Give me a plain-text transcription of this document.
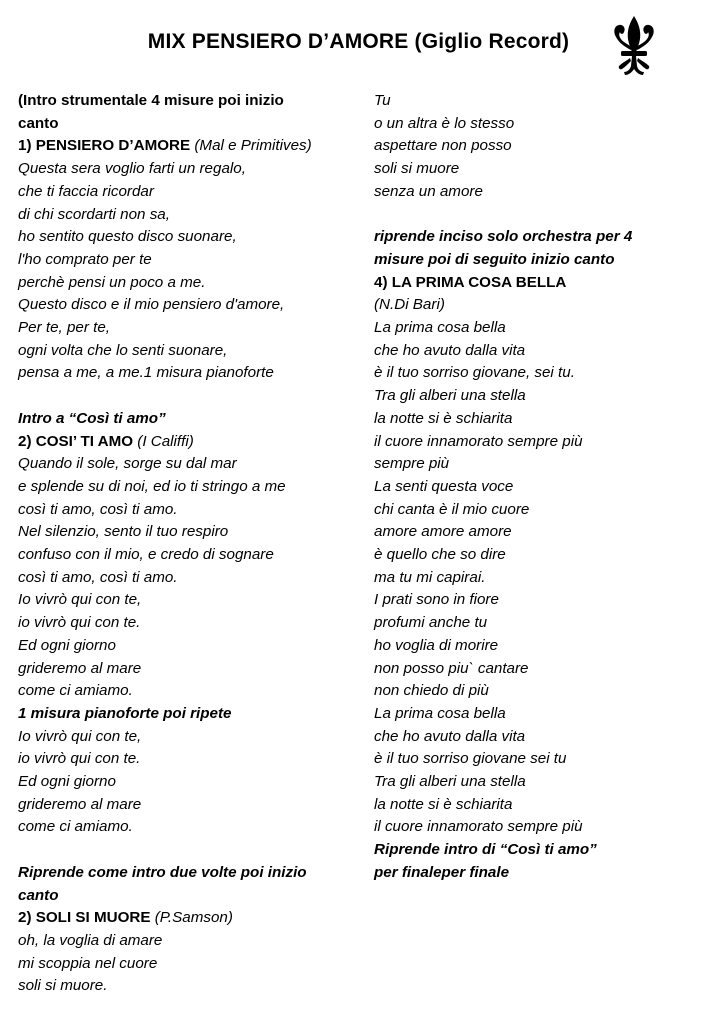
MIX PENSIERO D’AMORE (Giglio Record)
(Intro strumentale 4 misure poi inizio
canto
1) PENSIERO D’AMORE (Mal e Primitives)
Questa sera voglio farti un regalo,
che ti faccia ricordar
di chi scordarti non sa,
ho sentito questo disco suonare,
l'ho comprato per te
perchè pensi un poco a me.
Questo disco e il mio pensiero d'amore,
Per te, per te,
ogni volta che lo senti suonare,
pensa a me, a me.1 misura pianoforte
Intro a “Così ti amo”
2) COSI’ TI AMO (I Califfi)
Quando il sole, sorge su dal mar
e splende su di noi, ed io ti stringo a me
così ti amo, così ti amo.
Nel silenzio, sento il tuo respiro
confuso con il mio, e credo di sognare
così ti amo, così ti amo.
Io vivrò qui con te,
io vivrò qui con te.
Ed ogni giorno
grideremo al mare
come ci amiamo.
1 misura pianoforte poi ripete
Io vivrò qui con te,
io vivrò qui con te.
Ed ogni giorno
grideremo al mare
come ci amiamo.
Riprende come intro due volte poi inizio
canto
2) SOLI SI MUORE (P.Samson)
oh, la voglia di amare
mi scoppia nel cuore
soli si muore.
Tu
o un altra è lo stesso
aspettare non posso
soli si muore
senza un amore
riprende inciso solo orchestra per 4
misure poi di seguito inizio canto
4) LA PRIMA COSA BELLA
(N.Di Bari)
La prima cosa bella
che ho avuto dalla vita
è il tuo sorriso giovane, sei tu.
Tra gli alberi una stella
la notte si è schiarita
il cuore innamorato sempre più
sempre più
La senti questa voce
chi canta è il mio cuore
amore amore amore
è quello che so dire
ma tu mi capirai.
I prati sono in fiore
profumi anche tu
ho voglia di morire
non posso piu` cantare
non chiedo di più
La prima cosa bella
che ho avuto dalla vita
è il tuo sorriso giovane sei tu
Tra gli alberi una stella
la notte si è schiarita
il cuore innamorato sempre più
Riprende intro di “Così ti amo”
per finaleper finale
